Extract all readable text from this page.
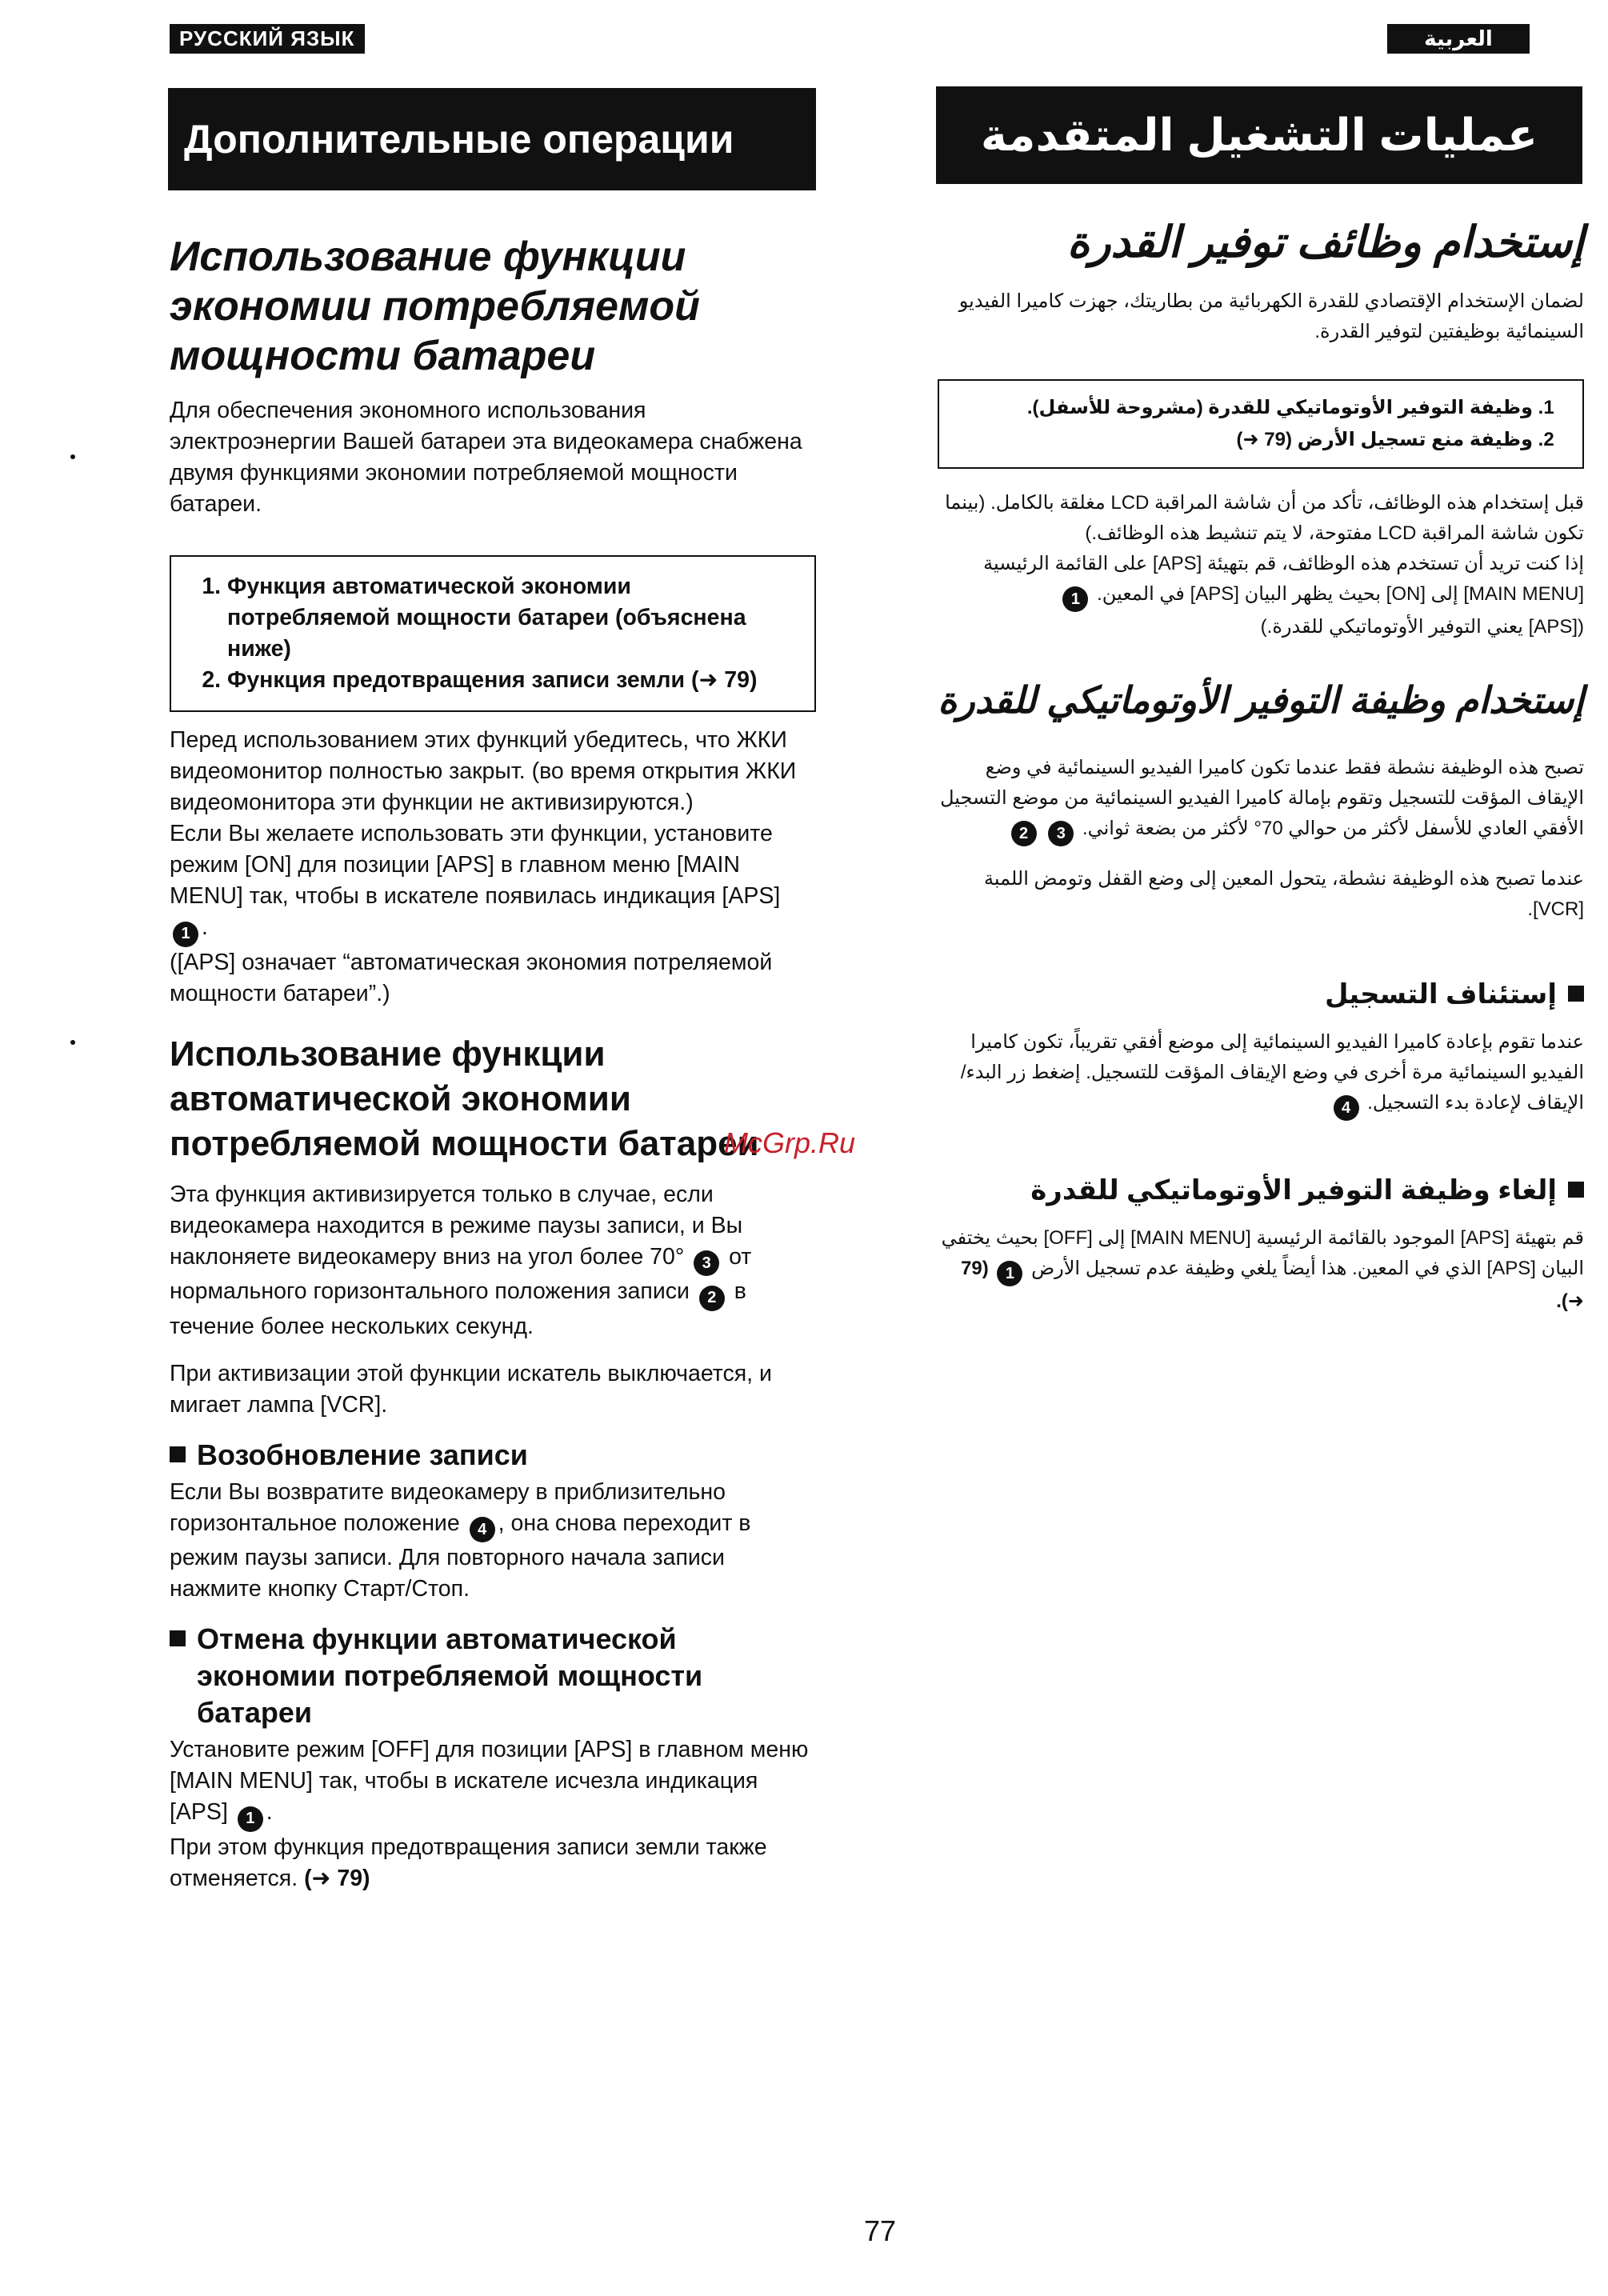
РУССКИЙ ЯЗЫК	العربية
Дополнительные операции	عمليات التشغيل المتقدمة
Использование функции экономии потребляемой мощности батареи

Для обеспечения экономного использования электроэнергии Вашей батареи эта видеокамера снабжена двумя функциями экономии потребляемой мощности батареи.

1. Функция автоматической экономии потребляемой мощности батареи (объяснена ниже)
2. Функция предотвращения записи земли (➜ 79)

Перед использованием этих функций убедитесь, что ЖКИ видеомонитор полностью закрыт. (во время открытия ЖКИ видеомонитора эти функции не активизируются.)

Если Вы желаете использовать эти функции, установите режим [ON] для позиции [APS] в главном меню [MAIN MENU] так, чтобы в искателе появилась индикация [APS] 1 .

([APS] означает “автоматическая экономия потреляемой мощности батареи”.)

Использование функции автоматической экономии потребляемой мощности батареи

Эта функция активизируется только в случае, если видеокамера находится в режиме паузы записи, и Вы наклоняете видеокамеру вниз на угол более 70° 3 от нормального горизонтального положения записи 2 в течение более нескольких секунд.

При активизации этой функции искатель выключается, и мигает лампа [VCR].

Возобновление записи

Если Вы возвратите видеокамеру в приблизительно горизонтальное положение 4 , она снова переходит в режим паузы записи. Для повторного начала записи нажмите кнопку Старт/Стоп.

Отмена функции автоматической экономии потребляемой мощности батареи

Установите режим [OFF] для позиции [APS] в главном меню [MAIN MENU] так, чтобы в искателе исчезла индикация [APS] 1 .

При этом функция предотвращения записи земли также отменяется. (➜ 79)

إستخدام وظائف توفير القدرة

لضمان الإستخدام الإقتصادي للقدرة الكهربائية من بطاريتك، جهزت كاميرا الفيديو السينمائية بوظيفتين لتوفير القدرة.

1. وظيفة التوفير الأوتوماتيكي للقدرة (مشروحة للأسفل).
2. وظيفة منع تسجيل الأرض (79 ➜)

قبل إستخدام هذه الوظائف، تأكد من أن شاشة المراقبة LCD مغلقة بالكامل. (بينما تكون شاشة المراقبة LCD مفتوحة، لا يتم تنشيط هذه الوظائف.)

إذا كنت تريد أن تستخدم هذه الوظائف، قم بتهيئة [APS] على القائمة الرئيسية [MAIN MENU] إلى [ON] بحيث يظهر البيان [APS] في المعين. 1

([APS] يعني التوفير الأوتوماتيكي للقدرة.)

إستخدام وظيفة التوفير الأوتوماتيكي للقدرة

تصبح هذه الوظيفة نشطة فقط عندما تكون كاميرا الفيديو السينمائية في وضع الإيقاف المؤقت للتسجيل وتقوم بإمالة كاميرا الفيديو السينمائية من موضع التسجيل الأفقي العادي للأسفل لأكثر من حوالي 70° لأكثر من بضعة ثواني. 3 2

عندما تصبح هذه الوظيفة نشطة، يتحول المعين إلى وضع القفل وتومض اللمبة [VCR].

إستئناف التسجيل

عندما تقوم بإعادة كاميرا الفيديو السينمائية إلى موضع أفقي تقريباً، تكون كاميرا الفيديو السينمائية مرة أخرى في وضع الإيقاف المؤقت للتسجيل. إضغط زر البدء/الإيقاف لإعادة بدء التسجيل. 4

إلغاء وظيفة التوفير الأوتوماتيكي للقدرة

قم بتهيئة [APS] الموجود بالقائمة الرئيسية [MAIN MENU] إلى [OFF] بحيث يختفي البيان [APS] الذي في المعين. هذا أيضاً يلغي وظيفة عدم تسجيل الأرض 1 (79 ➜).

McGrp.Ru
77
